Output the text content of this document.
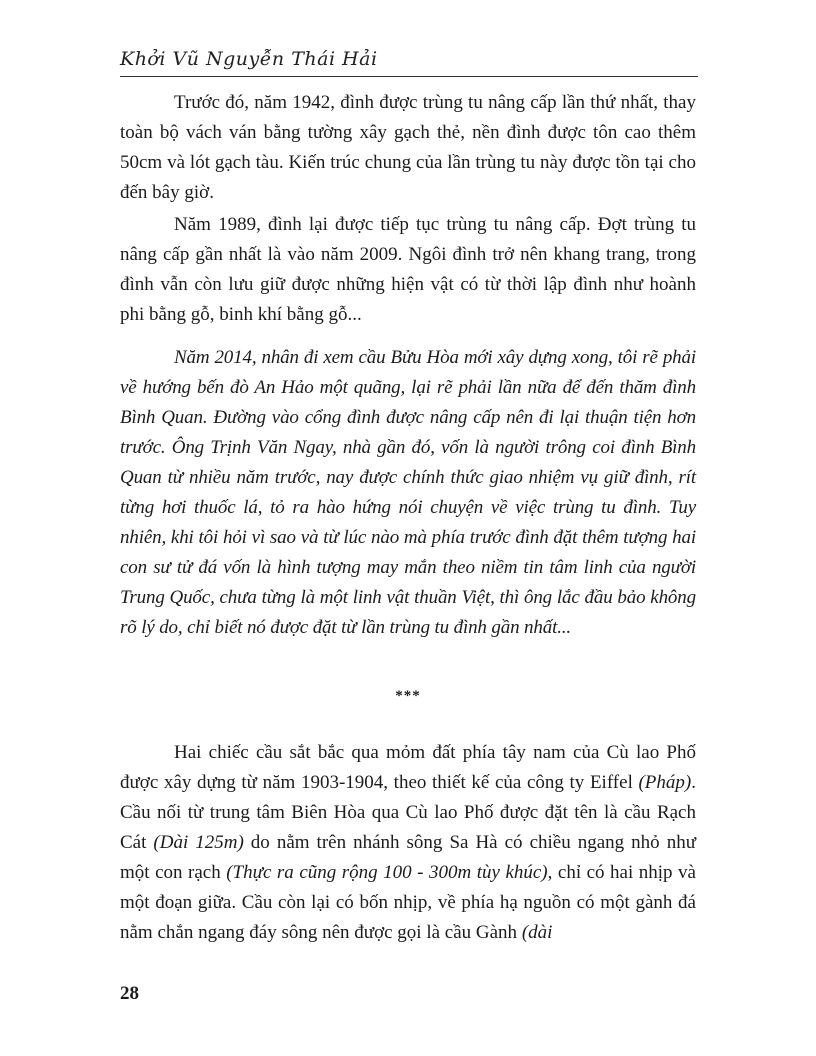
Khởi Vũ Nguyễn Thái Hải

Trước đó, năm 1942, đình được trùng tu nâng cấp lần thứ nhất, thay toàn bộ vách ván bằng tường xây gạch thẻ, nền đình được tôn cao thêm 50cm và lót gạch tàu. Kiến trúc chung của lần trùng tu này được tồn tại cho đến bây giờ.

Năm 1989, đình lại được tiếp tục trùng tu nâng cấp. Đợt trùng tu nâng cấp gần nhất là vào năm 2009. Ngôi đình trở nên khang trang, trong đình vẫn còn lưu giữ được những hiện vật có từ thời lập đình như hoành phi bằng gỗ, binh khí bằng gỗ...

Năm 2014, nhân đi xem cầu Bửu Hòa mới xây dựng xong, tôi rẽ phải về hướng bến đò An Hảo một quãng, lại rẽ phải lần nữa để đến thăm đình Bình Quan. Đường vào cổng đình được nâng cấp nên đi lại thuận tiện hơn trước. Ông Trịnh Văn Ngay, nhà gần đó, vốn là người trông coi đình Bình Quan từ nhiều năm trước, nay được chính thức giao nhiệm vụ giữ đình, rít từng hơi thuốc lá, tỏ ra hào hứng nói chuyện về việc trùng tu đình. Tuy nhiên, khi tôi hỏi vì sao và từ lúc nào mà phía trước đình đặt thêm tượng hai con sư tử đá vốn là hình tượng may mắn theo niềm tin tâm linh của người Trung Quốc, chưa từng là một linh vật thuần Việt, thì ông lắc đầu bảo không rõ lý do, chỉ biết nó được đặt từ lần trùng tu đình gần nhất...

***

Hai chiếc cầu sắt bắc qua mỏm đất phía tây nam của Cù lao Phố được xây dựng từ năm 1903-1904, theo thiết kế của công ty Eiffel (Pháp). Cầu nối từ trung tâm Biên Hòa qua Cù lao Phố được đặt tên là cầu Rạch Cát (Dài 125m) do nằm trên nhánh sông Sa Hà có chiều ngang nhỏ như một con rạch (Thực ra cũng rộng 100 - 300m tùy khúc), chỉ có hai nhịp và một đoạn giữa. Cầu còn lại có bốn nhịp, về phía hạ nguồn có một gành đá nằm chắn ngang đáy sông nên được gọi là cầu Gành (dài

28
